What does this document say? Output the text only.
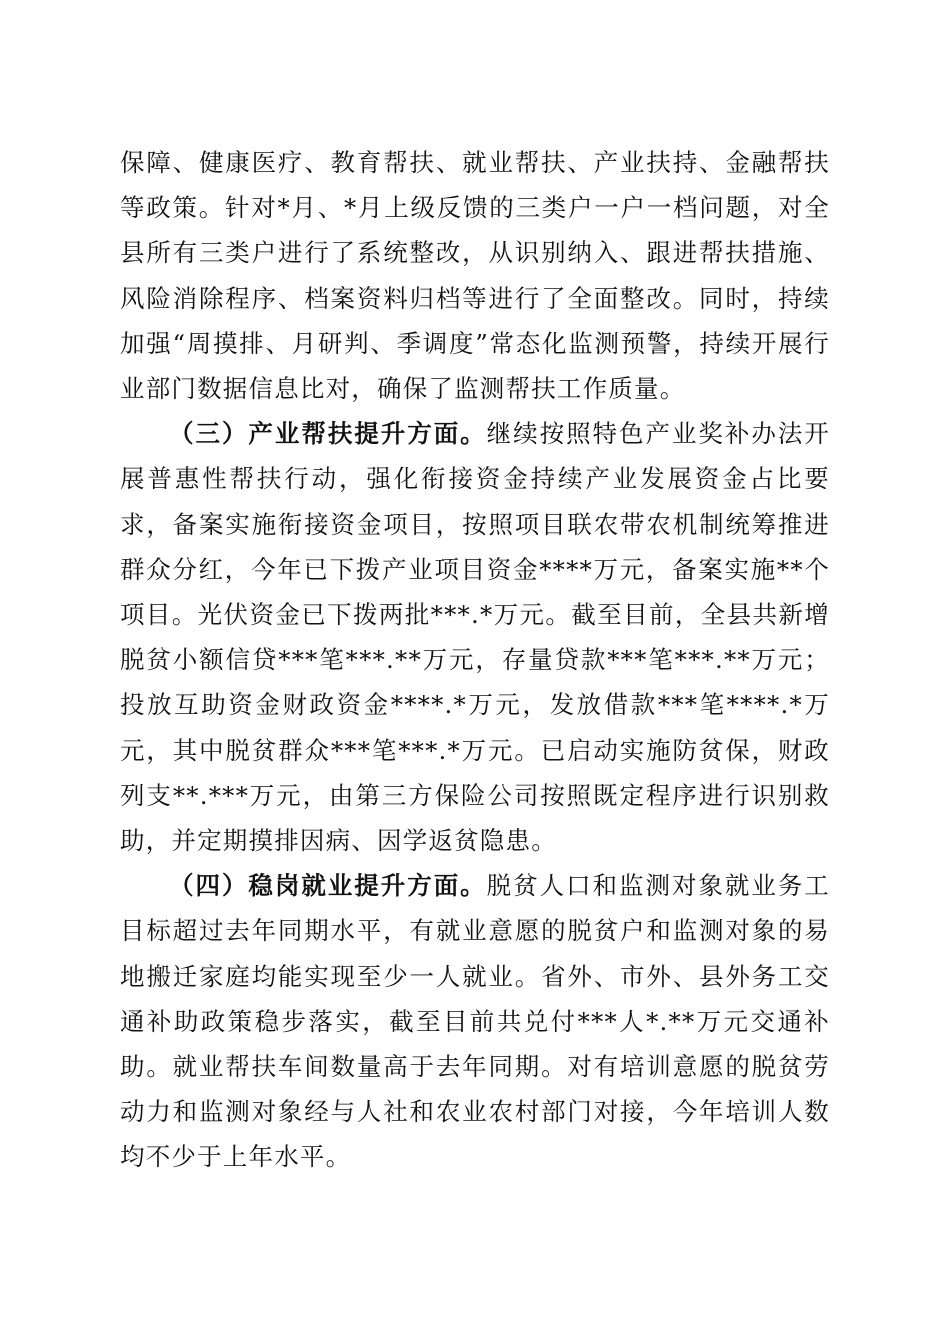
保障、健康医疗、教育帮扶、就业帮扶、产业扶持、金融帮扶等政策。针对*月、*月上级反馈的三类户一户一档问题，对全县所有三类户进行了系统整改，从识别纳入、跟进帮扶措施、风险消除程序、档案资料归档等进行了全面整改。同时，持续加强“周摸排、月研判、季调度”常态化监测预警，持续开展行业部门数据信息比对，确保了监测帮扶工作质量。

（三）产业帮扶提升方面。继续按照特色产业奖补办法开展普惠性帮扶行动，强化衔接资金持续产业发展资金占比要求，备案实施衔接资金项目，按照项目联农带农机制统筹推进群众分红，今年已下拨产业项目资金****万元，备案实施**个项目。光伏资金已下拨两批***.*万元。截至目前，全县共新增脱贫小额信贷***笔***.**万元，存量贷款***笔***.**万元；投放互助资金财政资金****.*万元，发放借款***笔****.*万元，其中脱贫群众***笔***.*万元。已启动实施防贫保，财政列支**.***万元，由第三方保险公司按照既定程序进行识别救助，并定期摸排因病、因学返贫隐患。

（四）稳岗就业提升方面。脱贫人口和监测对象就业务工目标超过去年同期水平，有就业意愿的脱贫户和监测对象的易地搬迁家庭均能实现至少一人就业。省外、市外、县外务工交通补助政策稳步落实，截至目前共兑付***人*.**万元交通补助。就业帮扶车间数量高于去年同期。对有培训意愿的脱贫劳动力和监测对象经与人社和农业农村部门对接，今年培训人数均不少于上年水平。
